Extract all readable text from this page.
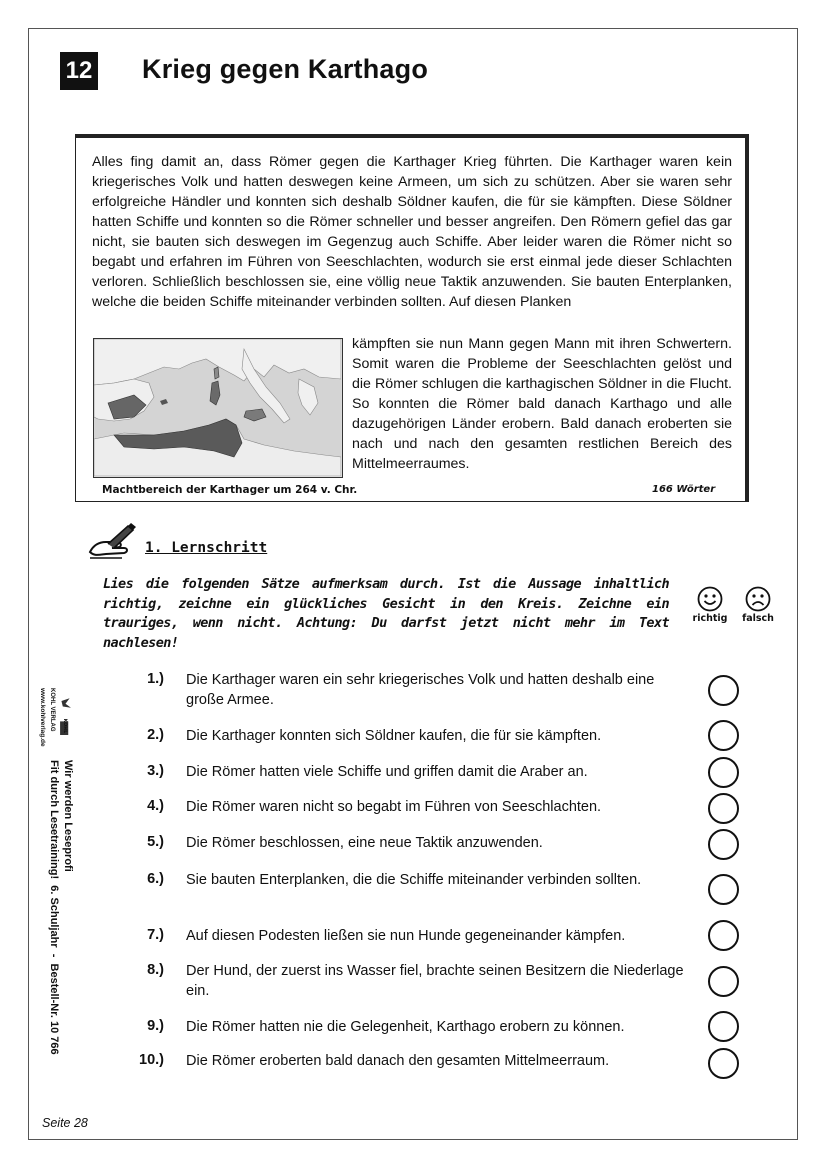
12 Krieg gegen Karthago

Alles fing damit an, dass Römer gegen die Karthager Krieg führten. Die Karthager waren kein kriegerisches Volk und hatten deswegen keine Armeen, um sich zu schützen. Aber sie waren sehr erfolgreiche Händler und konnten sich deshalb Söldner kaufen, die für sie kämpften. Diese Söldner hatten Schiffe und konnten so die Römer schneller und besser angreifen. Den Römern gefiel das gar nicht, sie bauten sich deswegen im Gegenzug auch Schiffe. Aber leider waren die Römer nicht so begabt und erfahren im Führen von Seeschlachten, wodurch sie erst einmal jede dieser Schlachten verloren. Schließlich beschlossen sie, eine völlig neue Taktik anzuwenden. Sie bauten Enterplanken, welche die beiden Schiffe miteinander verbinden sollten. Auf diesen Planken

Machtbereich der Karthager um 264 v. Chr.	166 Wörter
kämpften sie nun Mann gegen Mann mit ihren Schwertern. Somit waren die Probleme der Seeschlachten gelöst und die Römer schlugen die karthagischen Söldner in die Flucht. So konnten die Römer bald danach Karthago und alle dazugehörigen Länder erobern. Bald danach eroberten sie nach und nach den gesamten restlichen Bereich des Mittelmeerraumes.
1. Lernschritt
Lies die folgenden Sätze aufmerksam durch. Ist die Aussage inhaltlich richtig, zeichne ein glückliches Gesicht in den Kreis. Zeichne ein trauriges, wenn nicht. Achtung: Du darfst jetzt nicht mehr im Text nachlesen!
richtig	falsch
1.) Die Karthager waren ein sehr kriegerisches Volk und hatten deshalb eine große Armee.
2.) Die Karthager konnten sich Söldner kaufen, die für sie kämpften.
3.) Die Römer hatten viele Schiffe und griffen damit die Araber an.
4.) Die Römer waren nicht so begabt im Führen von Seeschlachten.
5.) Die Römer beschlossen, eine neue Taktik anzuwenden.
6.) Sie bauten Enterplanken, die die Schiffe miteinander verbinden sollten.
7.) Auf diesen Podesten ließen sie nun Hunde gegeneinander kämpfen.
8.) Der Hund, der zuerst ins Wasser fiel, brachte seinen Besitzern die Niederlage ein.
9.) Die Römer hatten nie die Gelegenheit, Karthago erobern zu können.
10.) Die Römer eroberten bald danach den gesamten Mittelmeerraum.
KOHL
www.kohlverlag.de KOHL VERLAG
Wir werden Leseprofi
Fit durch Lesetraining!  6. Schuljahr  -  Bestell-Nr. 10 766
Seite 28
